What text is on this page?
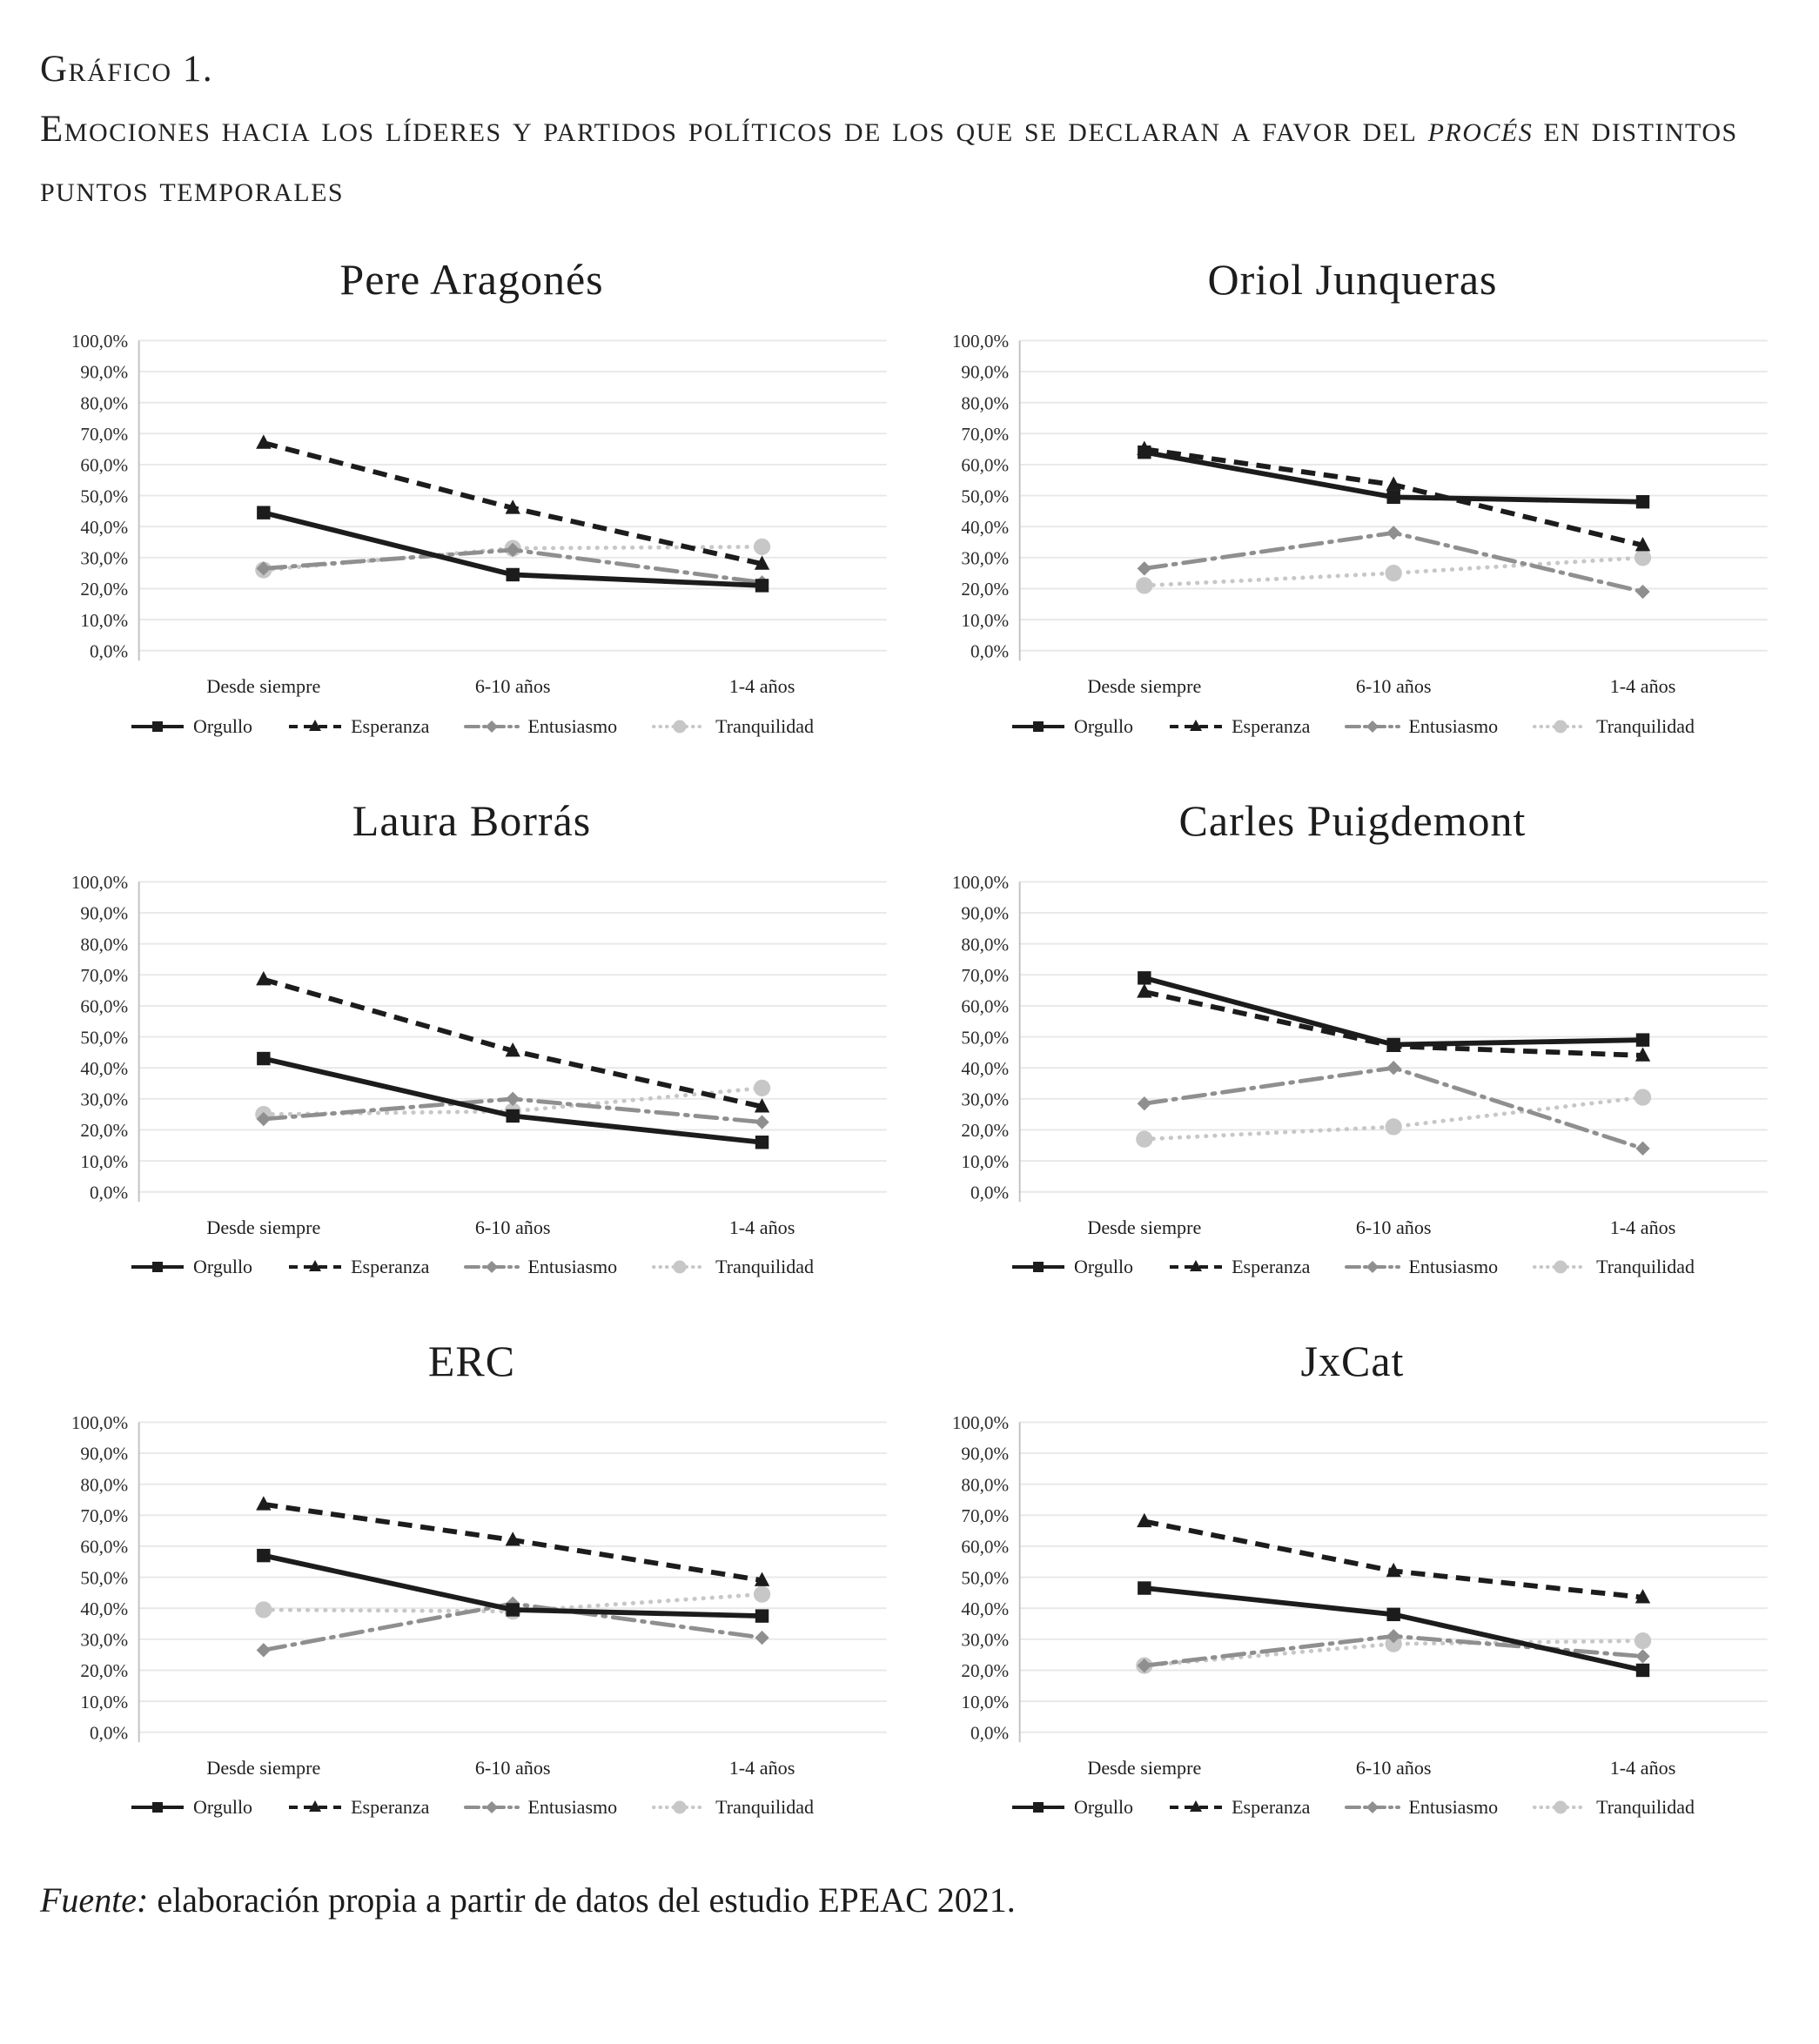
Gráfico 1.
Emociones hacia los líderes y partidos políticos de los que se declaran a favor del procés en distintos puntos temporales
Pere Aragonés
100,0%
90,0%
80,0%
70,0%
60,0%
50,0%
40,0%
30,0%
20,0%
10,0%
0,0%
Desde siempre	6-10 años	1-4 años
Orgullo	Esperanza	Entusiasmo	Tranquilidad
Oriol Junqueras
100,0%
90,0%
80,0%
70,0%
60,0%
50,0%
40,0%
30,0%
20,0%
10,0%
0,0%
Desde siempre	6-10 años	1-4 años
Orgullo	Esperanza	Entusiasmo	Tranquilidad
Laura Borrás
100,0%
90,0%
80,0%
70,0%
60,0%
50,0%
40,0%
30,0%
20,0%
10,0%
0,0%
Desde siempre	6-10 años	1-4 años
Orgullo	Esperanza	Entusiasmo	Tranquilidad
Carles Puigdemont
100,0%
90,0%
80,0%
70,0%
60,0%
50,0%
40,0%
30,0%
20,0%
10,0%
0,0%
Desde siempre	6-10 años	1-4 años
Orgullo	Esperanza	Entusiasmo	Tranquilidad
ERC
100,0%
90,0%
80,0%
70,0%
60,0%
50,0%
40,0%
30,0%
20,0%
10,0%
0,0%
Desde siempre	6-10 años	1-4 años
Orgullo	Esperanza	Entusiasmo	Tranquilidad
JxCat
100,0%
90,0%
80,0%
70,0%
60,0%
50,0%
40,0%
30,0%
20,0%
10,0%
0,0%
Desde siempre	6-10 años	1-4 años
Orgullo	Esperanza	Entusiasmo	Tranquilidad
Fuente: elaboración propia a partir de datos del estudio EPEAC 2021.
